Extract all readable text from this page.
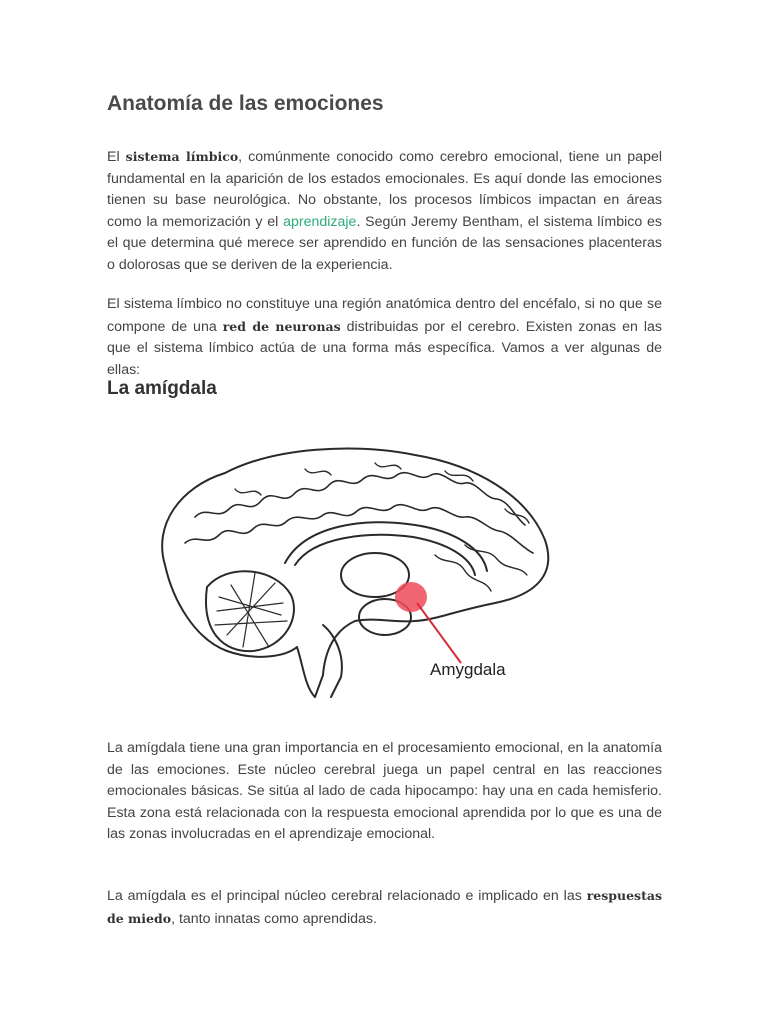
Anatomía de las emociones

El sistema límbico, comúnmente conocido como cerebro emocional, tiene un papel fundamental en la aparición de los estados emocionales. Es aquí donde las emociones tienen su base neurológica. No obstante, los procesos límbicos impactan en áreas como la memorización y el aprendizaje. Según Jeremy Bentham, el sistema límbico es el que determina qué merece ser aprendido en función de las sensaciones placenteras o dolorosas que se deriven de la experiencia.

El sistema límbico no constituye una región anatómica dentro del encéfalo, si no que se compone de una red de neuronas distribuidas por el cerebro. Existen zonas en las que el sistema límbico actúa de una forma más específica. Vamos a ver algunas de ellas:

La amígdala

La amígdala tiene una gran importancia en el procesamiento emocional, en la anatomía de las emociones. Este núcleo cerebral juega un papel central en las reacciones emocionales básicas. Se sitúa al lado de cada hipocampo: hay una en cada hemisferio. Esta zona está relacionada con la respuesta emocional aprendida por lo que es una de las zonas involucradas en el aprendizaje emocional.

La amígdala es el principal núcleo cerebral relacionado e implicado en las respuestas de miedo, tanto innatas como aprendidas.

Amygdala
